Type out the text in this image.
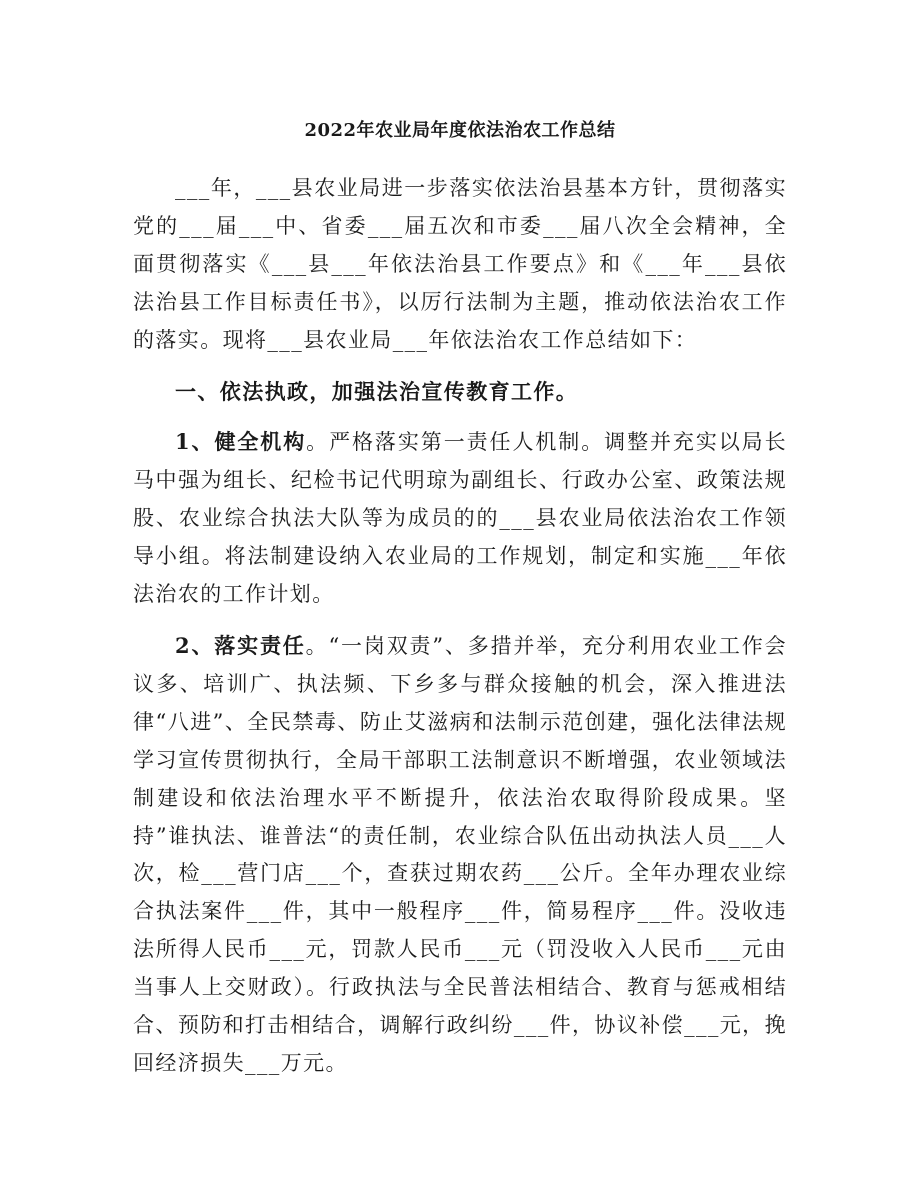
2022年农业局年度依法治农工作总结

___年，___县农业局进一步落实依法治县基本方针，贯彻落实党的___届___中、省委___届五次和市委___届八次全会精神，全面贯彻落实《___县___年依法治县工作要点》和《___年___县依法治县工作目标责任书》，以厉行法制为主题，推动依法治农工作的落实。现将___县农业局___年依法治农工作总结如下：

一、依法执政，加强法治宣传教育工作。

1、健全机构。严格落实第一责任人机制。调整并充实以局长马中强为组长、纪检书记代明琼为副组长、行政办公室、政策法规股、农业综合执法大队等为成员的的___县农业局依法治农工作领导小组。将法制建设纳入农业局的工作规划，制定和实施___年依法治农的工作计划。

2、落实责任。“一岗双责”、多措并举，充分利用农业工作会议多、培训广、执法频、下乡多与群众接触的机会，深入推进法律“八进”、全民禁毒、防止艾滋病和法制示范创建，强化法律法规学习宣传贯彻执行，全局干部职工法制意识不断增强，农业领域法制建设和依法治理水平不断提升，依法治农取得阶段成果。坚持”谁执法、谁普法“的责任制，农业综合队伍出动执法人员___人次，检___营门店___个，查获过期农药___公斤。全年办理农业综合执法案件___件，其中一般程序___件，简易程序___件。没收违法所得人民币___元，罚款人民币___元（罚没收入人民币___元由当事人上交财政）。行政执法与全民普法相结合、教育与惩戒相结合、预防和打击相结合，调解行政纠纷___件，协议补偿___元，挽回经济损失___万元。
